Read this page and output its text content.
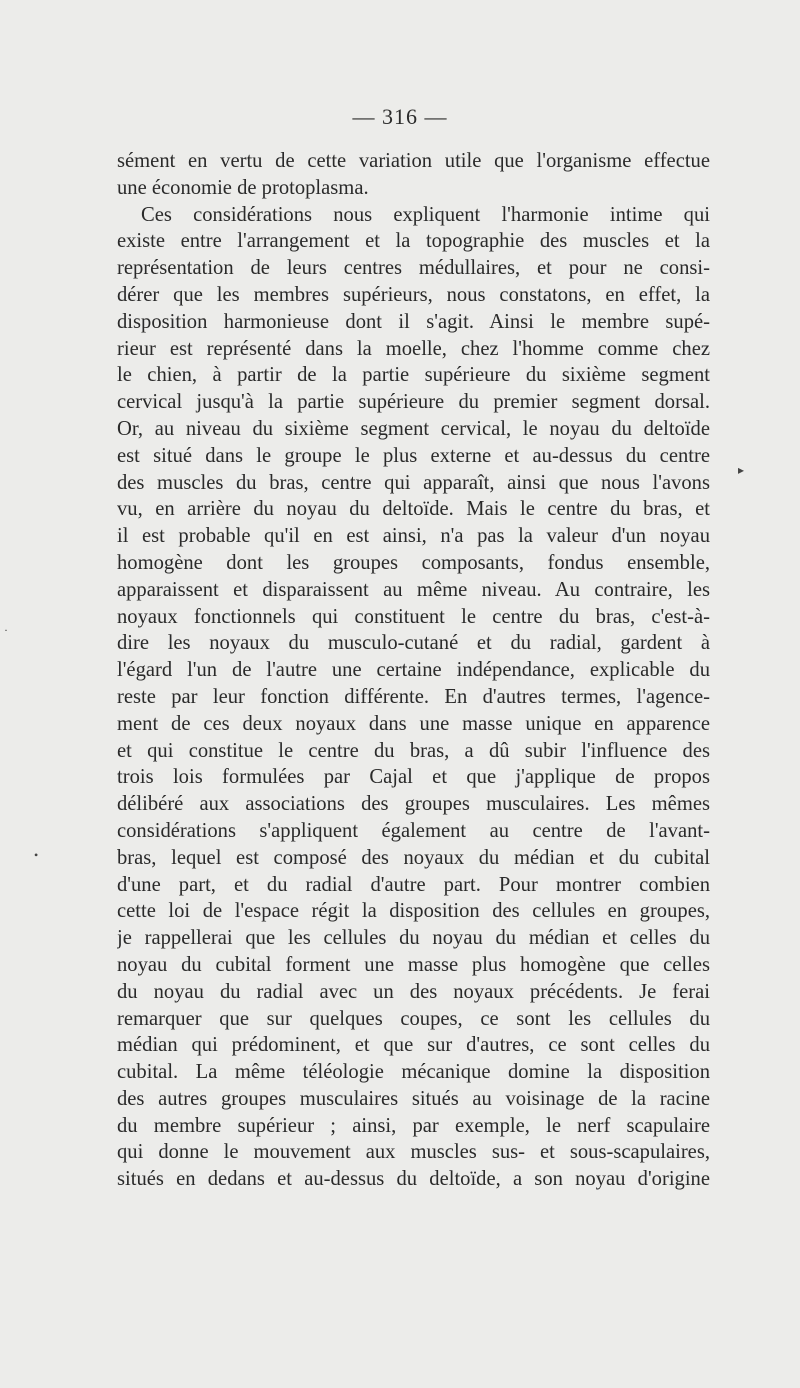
— 316 —
sément en vertu de cette variation utile que l'organisme effectue
une économie de protoplasma.
Ces considérations nous expliquent l'harmonie intime qui
existe entre l'arrangement et la topographie des muscles et la
représentation de leurs centres médullaires, et pour ne consi-
dérer que les membres supérieurs, nous constatons, en effet, la
disposition harmonieuse dont il s'agit. Ainsi le membre supé-
rieur est représenté dans la moelle, chez l'homme comme chez
le chien, à partir de la partie supérieure du sixième segment
cervical jusqu'à la partie supérieure du premier segment dorsal.
Or, au niveau du sixième segment cervical, le noyau du deltoïde
est situé dans le groupe le plus externe et au-dessus du centre
des muscles du bras, centre qui apparaît, ainsi que nous l'avons
vu, en arrière du noyau du deltoïde. Mais le centre du bras, et
il est probable qu'il en est ainsi, n'a pas la valeur d'un noyau
homogène dont les groupes composants, fondus ensemble,
apparaissent et disparaissent au même niveau. Au contraire, les
noyaux fonctionnels qui constituent le centre du bras, c'est-à-
dire les noyaux du musculo-cutané et du radial, gardent à
l'égard l'un de l'autre une certaine indépendance, explicable du
reste par leur fonction différente. En d'autres termes, l'agence-
ment de ces deux noyaux dans une masse unique en apparence
et qui constitue le centre du bras, a dû subir l'influence des
trois lois formulées par Cajal et que j'applique de propos
délibéré aux associations des groupes musculaires. Les mêmes
considérations s'appliquent également au centre de l'avant-
bras, lequel est composé des noyaux du médian et du cubital
d'une part, et du radial d'autre part. Pour montrer combien
cette loi de l'espace régit la disposition des cellules en groupes,
je rappellerai que les cellules du noyau du médian et celles du
noyau du cubital forment une masse plus homogène que celles
du noyau du radial avec un des noyaux précédents. Je ferai
remarquer que sur quelques coupes, ce sont les cellules du
médian qui prédominent, et que sur d'autres, ce sont celles du
cubital. La même téléologie mécanique domine la disposition
des autres groupes musculaires situés au voisinage de la racine
du membre supérieur ; ainsi, par exemple, le nerf scapulaire
qui donne le mouvement aux muscles sus- et sous-scapulaires,
situés en dedans et au-dessus du deltoïde, a son noyau d'origine
▸
·
•
